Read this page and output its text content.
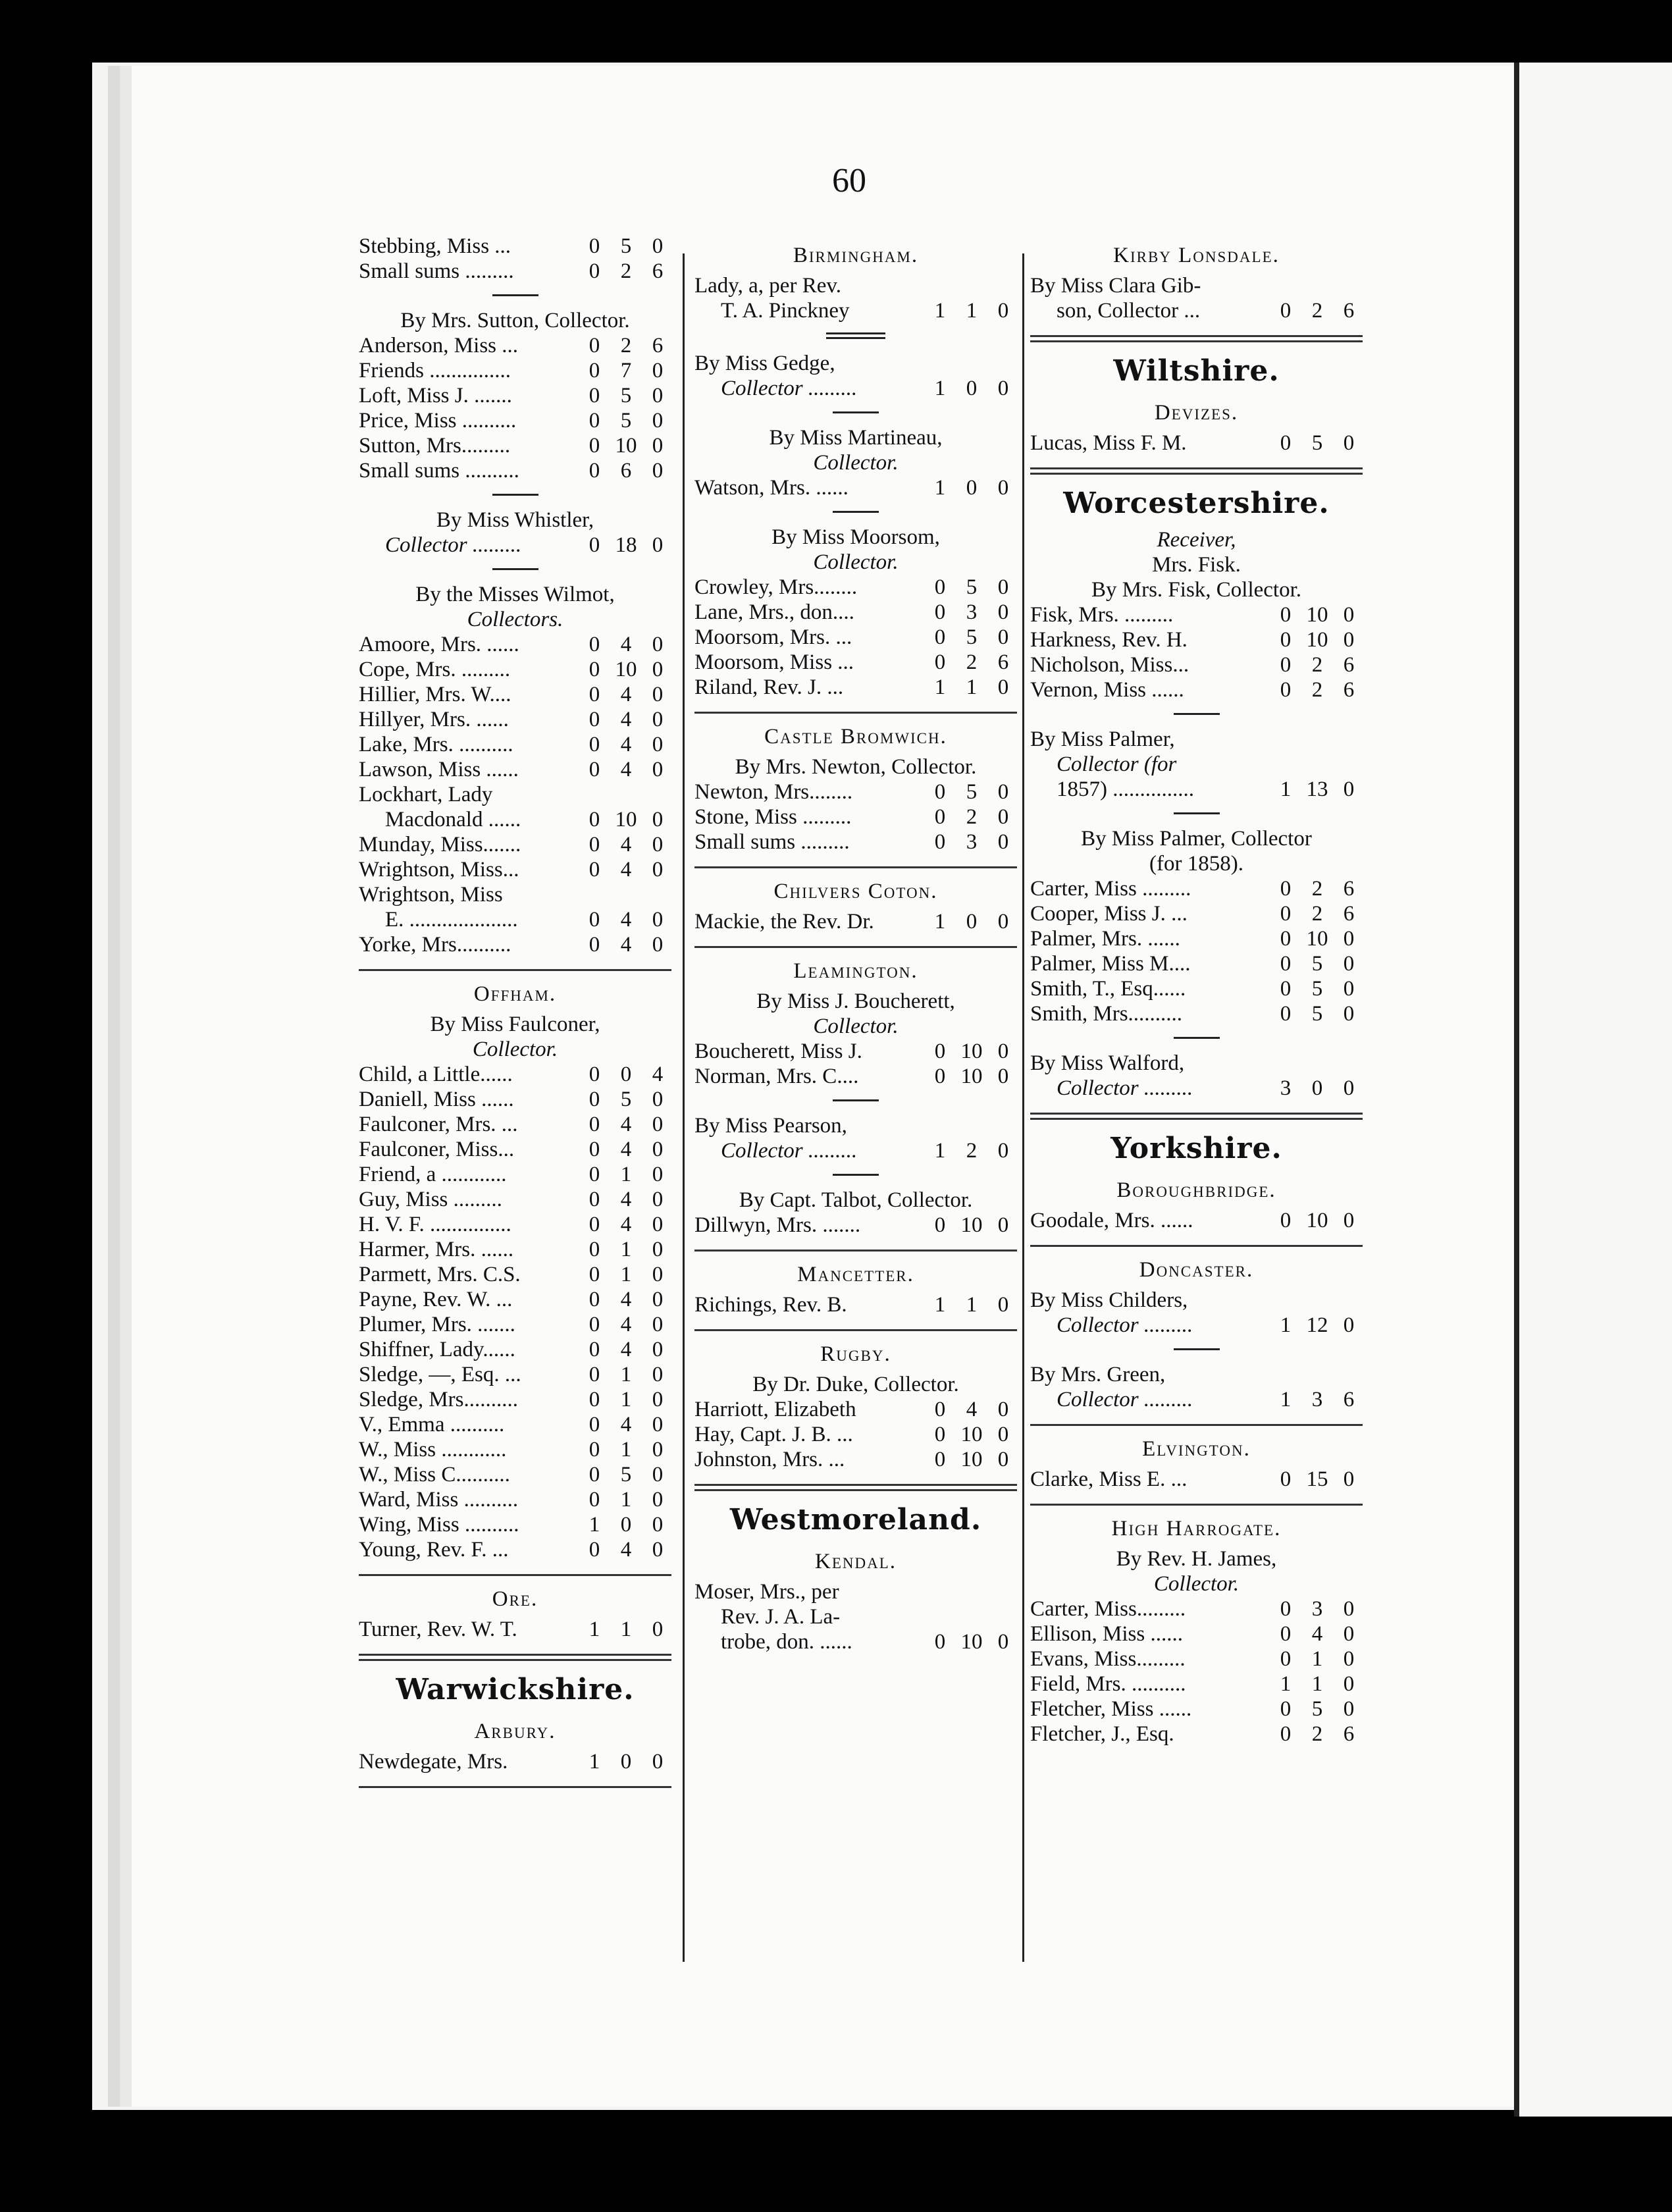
60
Stebbing, Miss ...	0 5 0
Small sums .........	0 2 6
By Mrs. Sutton, Collector.
Anderson, Miss ...	0 2 6
Friends ...............	0 7 0
Loft, Miss J. .......	0 5 0
Price, Miss ..........	0 5 0
Sutton, Mrs.........	0 10 0
Small sums ..........	0 6 0
By Miss Whistler,
Collector .........	0 18 0
By the Misses Wilmot,
Collectors.
Amoore, Mrs. ......	0 4 0
Cope, Mrs. .........	0 10 0
Hillier, Mrs. W....	0 4 0
Hillyer, Mrs. ......	0 4 0
Lake, Mrs. ..........	0 4 0
Lawson, Miss ......	0 4 0
Lockhart, Lady
Macdonald ......	0 10 0
Munday, Miss.......	0 4 0
Wrightson, Miss...	0 4 0
Wrightson, Miss
E. ....................	0 4 0
Yorke, Mrs..........	0 4 0
Offham.
By Miss Faulconer,
Collector.
Child, a Little......	0 0 4
Daniell, Miss ......	0 5 0
Faulconer, Mrs. ...	0 4 0
Faulconer, Miss...	0 4 0
Friend, a ............	0 1 0
Guy, Miss .........	0 4 0
H. V. F. ...............	0 4 0
Harmer, Mrs. ......	0 1 0
Parmett, Mrs. C.S.	0 1 0
Payne, Rev. W. ...	0 4 0
Plumer, Mrs. .......	0 4 0
Shiffner, Lady......	0 4 0
Sledge, —, Esq. ...	0 1 0
Sledge, Mrs..........	0 1 0
V., Emma ..........	0 4 0
W., Miss ............	0 1 0
W., Miss C..........	0 5 0
Ward, Miss ..........	0 1 0
Wing, Miss ..........	1 0 0
Young, Rev. F. ...	0 4 0
Ore.
Turner, Rev. W. T.	1 1 0
Warwickshire.
Arbury.
Newdegate, Mrs.	1 0 0
Birmingham.
Lady, a, per Rev.
T. A. Pinckney	1 1 0
By Miss Gedge,
Collector .........	1 0 0
By Miss Martineau,
Collector.
Watson, Mrs. ......	1 0 0
By Miss Moorsom,
Collector.
Crowley, Mrs........	0 5 0
Lane, Mrs., don....	0 3 0
Moorsom, Mrs. ...	0 5 0
Moorsom, Miss ...	0 2 6
Riland, Rev. J. ...	1 1 0
Castle Bromwich.
By Mrs. Newton, Collector.
Newton, Mrs........	0 5 0
Stone, Miss .........	0 2 0
Small sums .........	0 3 0
Chilvers Coton.
Mackie, the Rev. Dr.	1 0 0
Leamington.
By Miss J. Boucherett,
Collector.
Boucherett, Miss J.	0 10 0
Norman, Mrs. C....	0 10 0
By Miss Pearson,
Collector .........	1 2 0
By Capt. Talbot, Collector.
Dillwyn, Mrs. .......	0 10 0
Mancetter.
Richings, Rev. B.	1 1 0
Rugby.
By Dr. Duke, Collector.
Harriott, Elizabeth	0 4 0
Hay, Capt. J. B. ...	0 10 0
Johnston, Mrs. ...	0 10 0
Westmoreland.
Kendal.
Moser, Mrs., per
Rev. J. A. La-
trobe, don. ......	0 10 0
Kirby Lonsdale.
By Miss Clara Gib-
son, Collector ...	0 2 6
Wiltshire.
Devizes.
Lucas, Miss F. M.	0 5 0
Worcestershire.
Receiver,
Mrs. Fisk.
By Mrs. Fisk, Collector.
Fisk, Mrs. .........	0 10 0
Harkness, Rev. H.	0 10 0
Nicholson, Miss...	0 2 6
Vernon, Miss ......	0 2 6
By Miss Palmer,
Collector (for
1857) ...............	1 13 0
By Miss Palmer, Collector
(for 1858).
Carter, Miss .........	0 2 6
Cooper, Miss J. ...	0 2 6
Palmer, Mrs. ......	0 10 0
Palmer, Miss M....	0 5 0
Smith, T., Esq......	0 5 0
Smith, Mrs..........	0 5 0
By Miss Walford,
Collector .........	3 0 0
Yorkshire.
Boroughbridge.
Goodale, Mrs. ......	0 10 0
Doncaster.
By Miss Childers,
Collector .........	1 12 0
By Mrs. Green,
Collector .........	1 3 6
Elvington.
Clarke, Miss E. ...	0 15 0
High Harrogate.
By Rev. H. James,
Collector.
Carter, Miss.........	0 3 0
Ellison, Miss ......	0 4 0
Evans, Miss.........	0 1 0
Field, Mrs. ..........	1 1 0
Fletcher, Miss ......	0 5 0
Fletcher, J., Esq.	0 2 6
